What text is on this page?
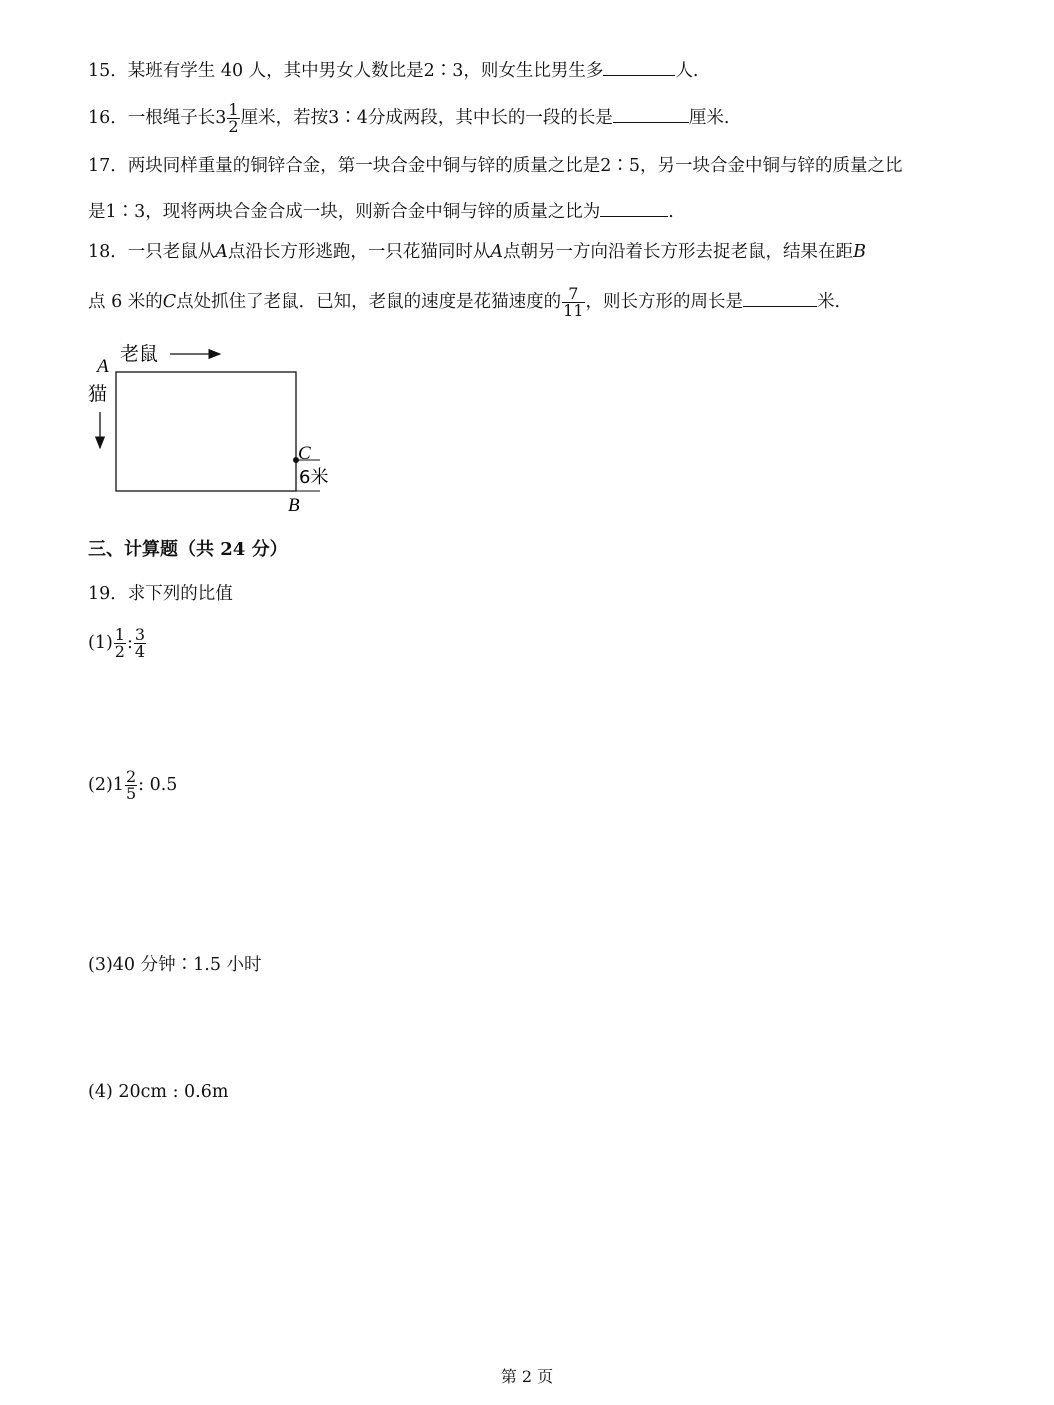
15．某班有学生 40 人，其中男女人数比是2∶3，则女生比男生多	人.
16．一根绳子长$3 \frac{1}{2}$ 厘米，若按3∶4分成两段，其中长的一段的长是	厘米.
17．两块同样重量的铜锌合金，第一块合金中铜与锌的质量之比是2∶5，另一块合金中铜与锌的质量之比
是1∶3，现将两块合金合成一块，则新合金中铜与锌的质量之比为	.
18．一只老鼠从A点沿长方形逃跑，一只花猫同时从A点朝另一方向沿着长方形去捉老鼠，结果在距B
点 6 米的C点处抓住了老鼠．已知，老鼠的速度是花猫速度的 $\frac{7}{11}$ ，则长方形的周长是	米.
A
老鼠
猫
C
6米
B
三、计算题（共 24 分）
19．求下列的比值
$(1) \frac{1}{2}$ : $\frac{3}{4}$
$(2)1 \frac{2}{5}$ : 0.5
(3)40 分钟∶1.5 小时
(4) 20cm : 0.6m
第 2 页
